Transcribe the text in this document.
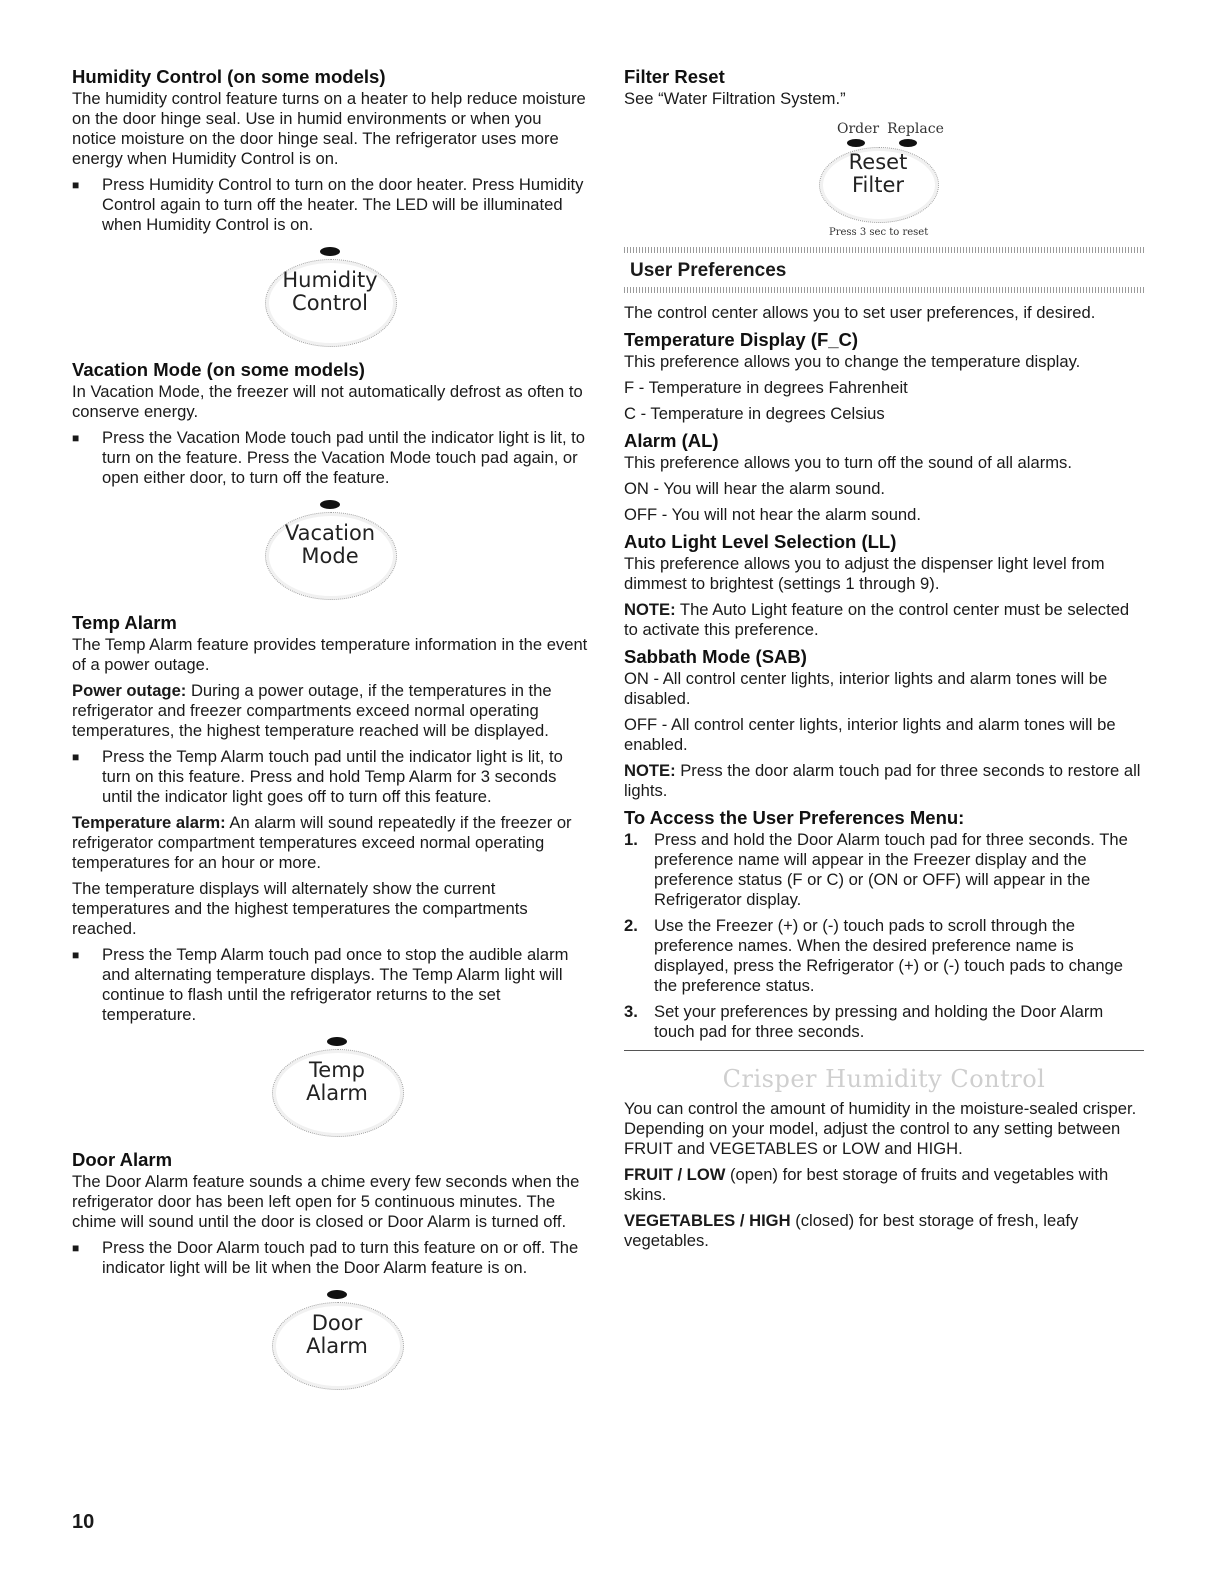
Humidity Control (on some models)

The humidity control feature turns on a heater to help reduce moisture on the door hinge seal. Use in humid environments or when you notice moisture on the door hinge seal. The refrigerator uses more energy when Humidity Control is on.

■ Press Humidity Control to turn on the door heater. Press Humidity Control again to turn off the heater. The LED will be illuminated when Humidity Control is on.
Humidity
Control
Vacation Mode (on some models)

In Vacation Mode, the freezer will not automatically defrost as often to conserve energy.

■ Press the Vacation Mode touch pad until the indicator light is lit, to turn on the feature. Press the Vacation Mode touch pad again, or open either door, to turn off the feature.
Vacation
Mode
Temp Alarm

The Temp Alarm feature provides temperature information in the event of a power outage.

Power outage: During a power outage, if the temperatures in the refrigerator and freezer compartments exceed normal operating temperatures, the highest temperature reached will be displayed.

■ Press the Temp Alarm touch pad until the indicator light is lit, to turn on this feature. Press and hold Temp Alarm for 3 seconds until the indicator light goes off to turn off this feature.

Temperature alarm: An alarm will sound repeatedly if the freezer or refrigerator compartment temperatures exceed normal operating temperatures for an hour or more.

The temperature displays will alternately show the current temperatures and the highest temperatures the compartments reached.

■ Press the Temp Alarm touch pad once to stop the audible alarm and alternating temperature displays. The Temp Alarm light will continue to flash until the refrigerator returns to the set temperature.
Temp
Alarm
Door Alarm

The Door Alarm feature sounds a chime every few seconds when the refrigerator door has been left open for 5 continuous minutes. The chime will sound until the door is closed or Door Alarm is turned off.

■ Press the Door Alarm touch pad to turn this feature on or off. The indicator light will be lit when the Door Alarm feature is on.
Door
Alarm
Filter Reset

See “Water Filtration System.”

Order Replace
Reset
Filter
Press 3 sec to reset
User Preferences

The control center allows you to set user preferences, if desired.

Temperature Display (F_C)

This preference allows you to change the temperature display.

F - Temperature in degrees Fahrenheit

C - Temperature in degrees Celsius

Alarm (AL)

This preference allows you to turn off the sound of all alarms.

ON - You will hear the alarm sound.

OFF - You will not hear the alarm sound.

Auto Light Level Selection (LL)

This preference allows you to adjust the dispenser light level from dimmest to brightest (settings 1 through 9).

NOTE: The Auto Light feature on the control center must be selected to activate this preference.

Sabbath Mode (SAB)

ON - All control center lights, interior lights and alarm tones will be disabled.

OFF - All control center lights, interior lights and alarm tones will be enabled.

NOTE: Press the door alarm touch pad for three seconds to restore all lights.

To Access the User Preferences Menu:
1. Press and hold the Door Alarm touch pad for three seconds. The preference name will appear in the Freezer display and the preference status (F or C) or (ON or OFF) will appear in the Refrigerator display.
2. Use the Freezer (+) or (-) touch pads to scroll through the preference names. When the desired preference name is displayed, press the Refrigerator (+) or (-) touch pads to change the preference status.
3. Set your preferences by pressing and holding the Door Alarm touch pad for three seconds.
Crisper Humidity Control

You can control the amount of humidity in the moisture-sealed crisper. Depending on your model, adjust the control to any setting between FRUIT and VEGETABLES or LOW and HIGH.

FRUIT / LOW (open) for best storage of fruits and vegetables with skins.

VEGETABLES / HIGH (closed) for best storage of fresh, leafy vegetables.

10
